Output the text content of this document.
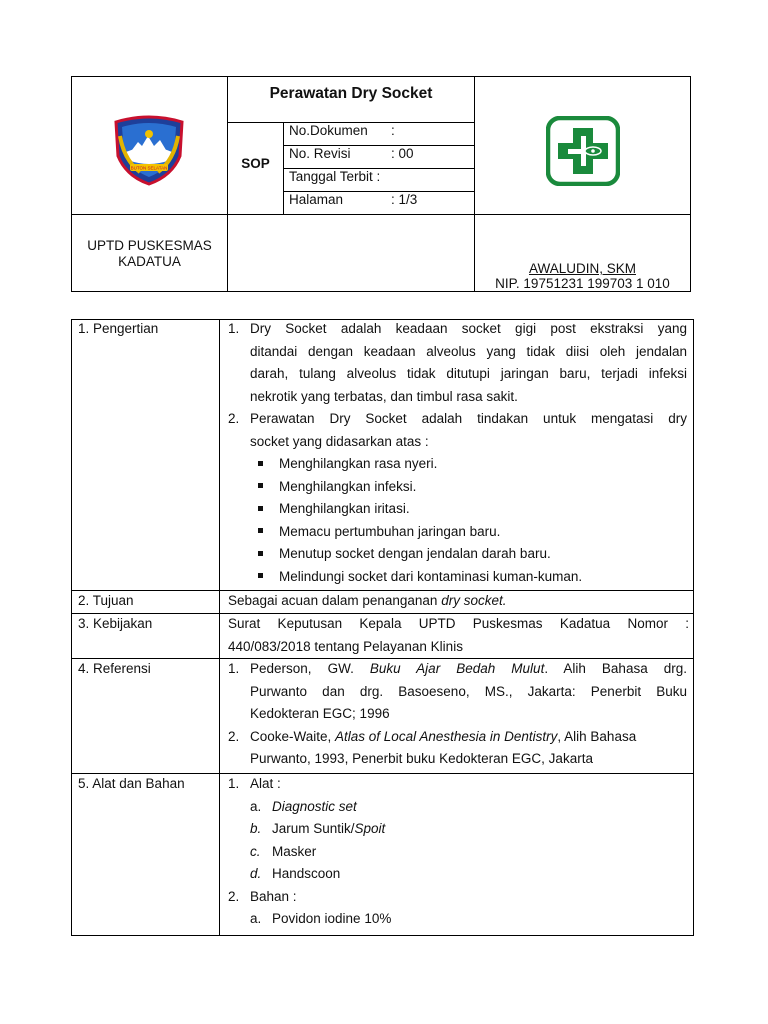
BUTON SELATAN
Perawatan Dry Socket
SOP
No.Dokumen :
No. Revisi	: 00
Tanggal Terbit :
Halaman	: 1/3
UPTD PUSKESMAS
KADATUA	AWALUDIN, SKM
NIP. 19751231 199703 1 010
1. Pengertian	1. Dry Socket adalah keadaan socket gigi post ekstraksi yang
ditandai dengan keadaan alveolus yang tidak diisi oleh jendalan
darah, tulang alveolus tidak ditutupi jaringan baru, terjadi infeksi
nekrotik yang terbatas, dan timbul rasa sakit.
2. Perawatan Dry Socket adalah tindakan untuk mengatasi dry
socket yang didasarkan atas :
Menghilangkan rasa nyeri.
Menghilangkan infeksi.
Menghilangkan iritasi.
Memacu pertumbuhan jaringan baru.
Menutup socket dengan jendalan darah baru.
Melindungi socket dari kontaminasi kuman-kuman.
2. Tujuan	Sebagai acuan dalam penanganan dry socket.
3. Kebijakan	Surat Keputusan Kepala UPTD Puskesmas Kadatua Nomor :
440/083/2018 tentang Pelayanan Klinis
4. Referensi	1. Pederson, GW. Buku Ajar Bedah Mulut. Alih Bahasa drg.
Purwanto dan drg. Basoeseno, MS., Jakarta: Penerbit Buku
Kedokteran EGC; 1996
2. Cooke-Waite, Atlas of Local Anesthesia in Dentistry, Alih Bahasa
Purwanto, 1993, Penerbit buku Kedokteran EGC, Jakarta
5. Alat dan Bahan	1. Alat :
a. Diagnostic set
b. Jarum Suntik/Spoit
c. Masker
d. Handscoon
2. Bahan :
a. Povidon iodine 10%
